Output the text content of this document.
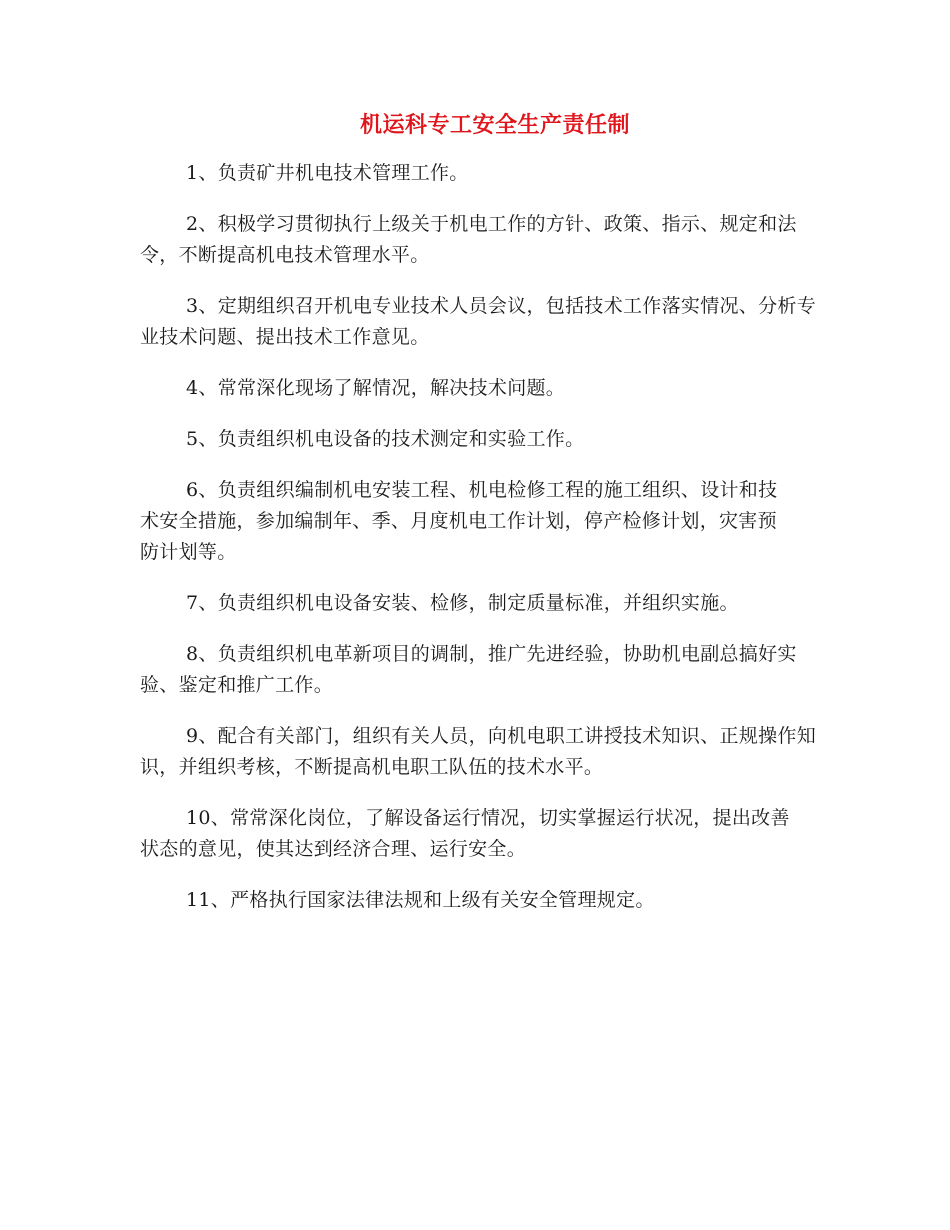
机运科专工安全生产责任制
1、负责矿井机电技术管理工作。
2、积极学习贯彻执行上级关于机电工作的方针、政策、指示、规定和法令，不断提高机电技术管理水平。
3、定期组织召开机电专业技术人员会议，包括技术工作落实情况、分析专业技术问题、提出技术工作意见。
4、常常深化现场了解情况，解决技术问题。
5、负责组织机电设备的技术测定和实验工作。
6、负责组织编制机电安装工程、机电检修工程的施工组织、设计和技术安全措施，参加编制年、季、月度机电工作计划，停产检修计划，灾害预防计划等。
7、负责组织机电设备安装、检修，制定质量标准，并组织实施。
8、负责组织机电革新项目的调制，推广先进经验，协助机电副总搞好实验、鉴定和推广工作。
9、配合有关部门，组织有关人员，向机电职工讲授技术知识、正规操作知识，并组织考核，不断提高机电职工队伍的技术水平。
10、常常深化岗位，了解设备运行情况，切实掌握运行状况，提出改善状态的意见，使其达到经济合理、运行安全。
11、严格执行国家法律法规和上级有关安全管理规定。
